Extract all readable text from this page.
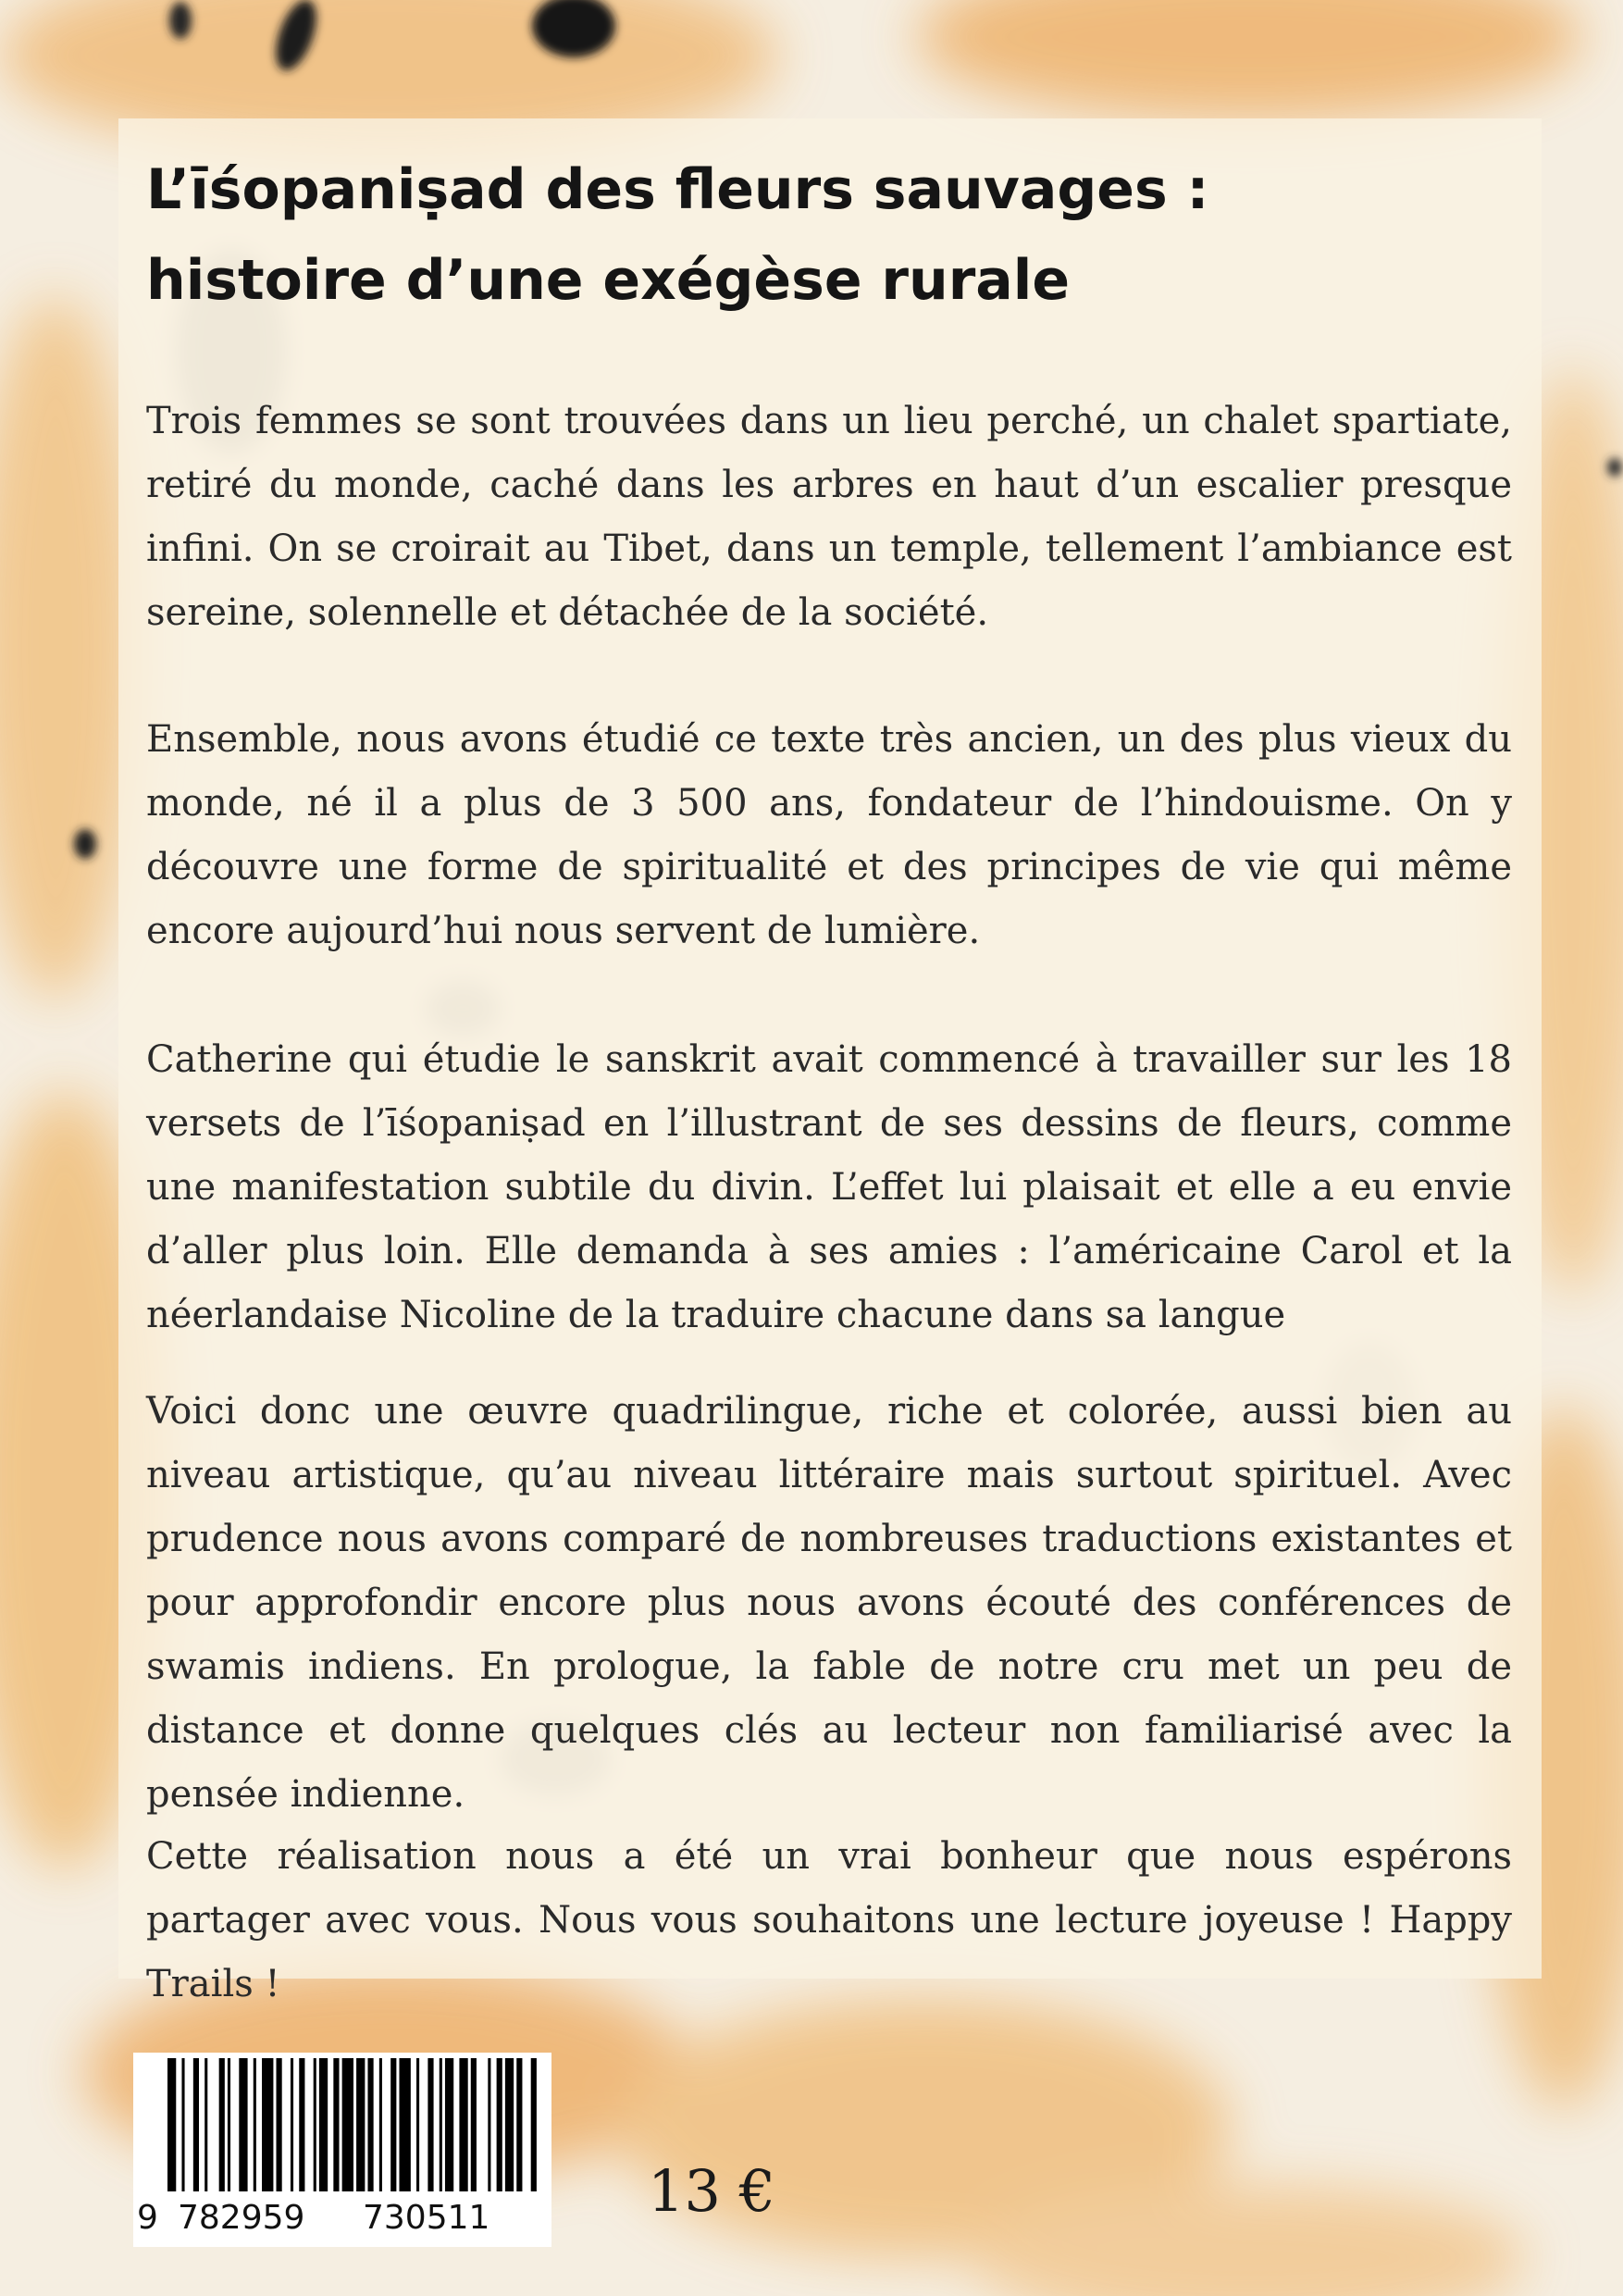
L’īśopaniṣad des fleurs sauvages :
histoire d’une exégèse rurale

Trois femmes se sont trouvées dans un lieu perché, un chalet spartiate, retiré du monde, caché dans les arbres en haut d’un escalier presque infini. On se croirait au Tibet, dans un temple, tellement l’ambiance est sereine, solennelle et détachée de la société.

Ensemble, nous avons étudié ce texte très ancien, un des plus vieux du monde, né il a plus de 3 500 ans, fondateur de l’hindouisme. On y découvre une forme de spiritualité et des principes de vie qui même encore aujourd’hui nous servent de lumière.

Catherine qui étudie le sanskrit avait commencé à travailler sur les 18 versets de l’īśopaniṣad en l’illustrant de ses dessins de fleurs, comme une manifestation subtile du divin. L’effet lui plaisait et elle a eu envie d’aller plus loin. Elle demanda à ses amies : l’américaine Carol et la néerlandaise Nicoline de la traduire chacune dans sa langue

Voici donc une œuvre quadrilingue, riche et colorée, aussi bien au niveau artistique, qu’au niveau littéraire mais surtout spirituel. Avec prudence nous avons comparé de nombreuses traductions existantes et pour approfondir encore plus nous avons écouté des conférences de swamis indiens. En prologue, la fable de notre cru met un peu de distance et donne quelques clés au lecteur non familiarisé avec la pensée indienne.

Cette réalisation nous a été un vrai bonheur que nous espérons partager avec vous. Nous vous souhaitons une lecture joyeuse ! Happy Trails !

9 782959 730511	13 €
